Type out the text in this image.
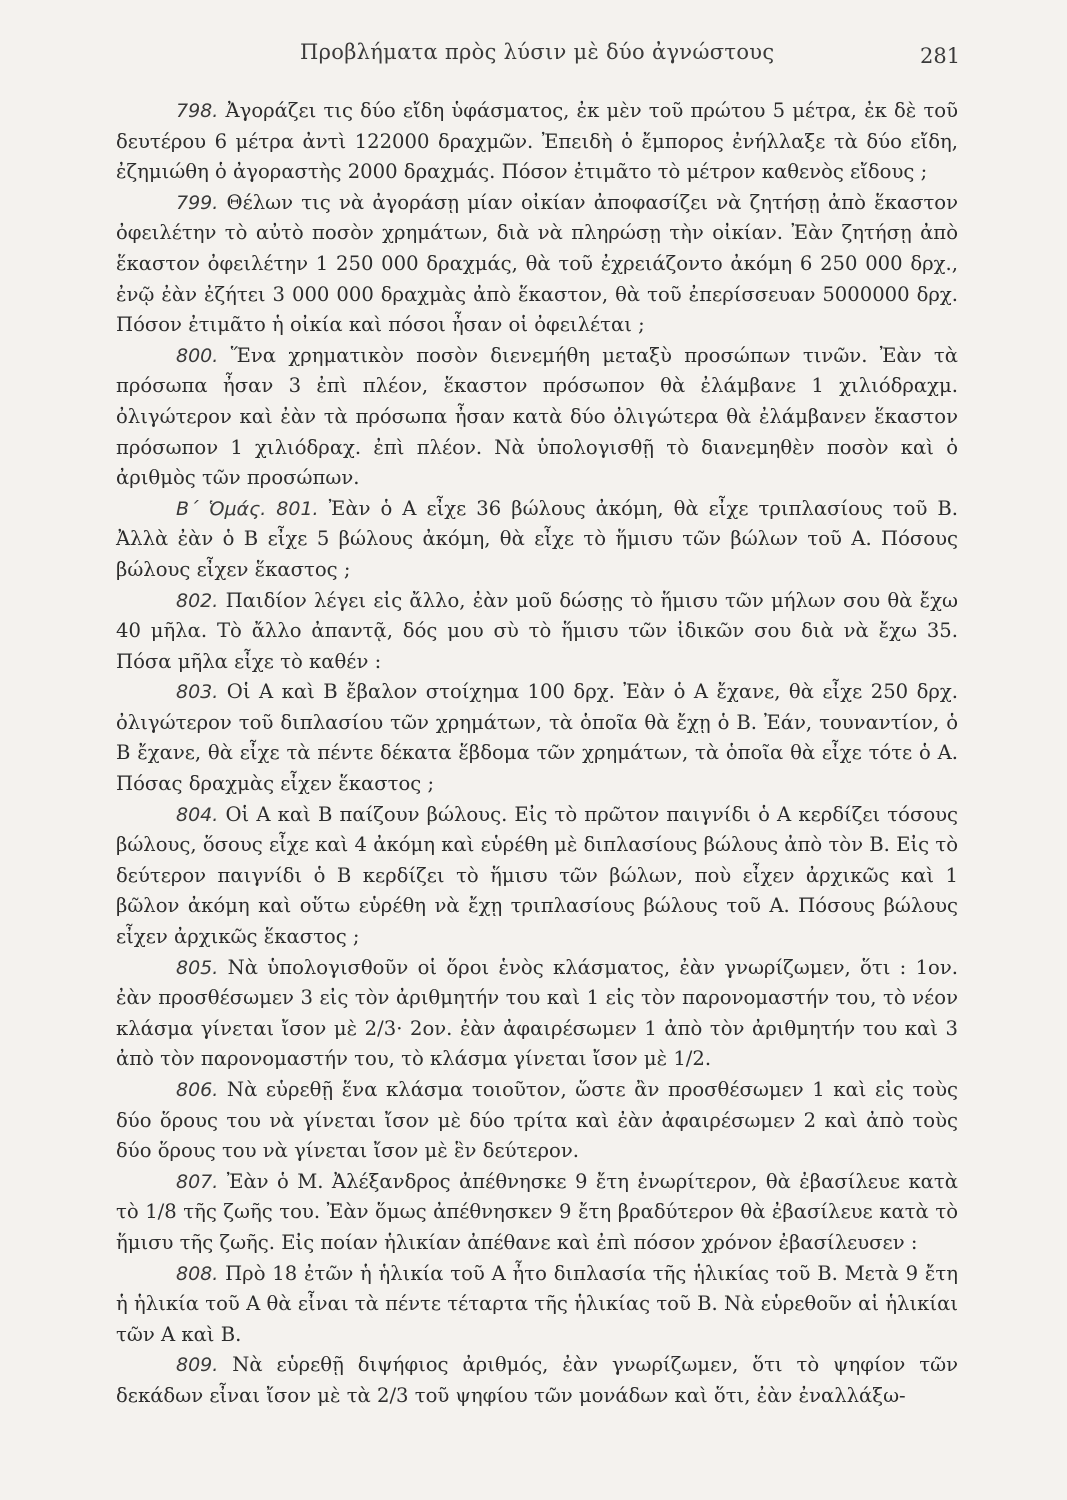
Προβλήματα πρὸς λύσιν μὲ δύο ἀγνώστους	281

798. Ἀγοράζει τις δύο εἴδη ὑφάσματος, ἐκ μὲν τοῦ πρώτου 5 μέτρα, ἐκ δὲ τοῦ δευτέρου 6 μέτρα ἀντὶ 122000 δραχμῶν. Ἐπειδὴ ὁ ἔμπορος ἐνήλλαξε τὰ δύο εἴδη, ἐζημιώθη ὁ ἀγοραστὴς 2000 δραχμάς. Πόσον ἐτιμᾶτο τὸ μέτρον καθενὸς εἴδους ;

799. Θέλων τις νὰ ἀγοράσῃ μίαν οἰκίαν ἀποφασίζει νὰ ζητήσῃ ἀπὸ ἕκαστον ὀφειλέτην τὸ αὐτὸ ποσὸν χρημάτων, διὰ νὰ πληρώσῃ τὴν οἰκίαν. Ἐὰν ζητήσῃ ἀπὸ ἕκαστον ὀφειλέτην 1 250 000 δραχμάς, θὰ τοῦ ἐχρειάζοντο ἀκόμη 6 250 000 δρχ., ἐνῷ ἐὰν ἐζήτει 3 000 000 δραχμὰς ἀπὸ ἕκαστον, θὰ τοῦ ἐπερίσσευαν 5000000 δρχ. Πόσον ἐτιμᾶτο ἡ οἰκία καὶ πόσοι ἦσαν οἱ ὀφειλέται ;

800. Ἕνα χρηματικὸν ποσὸν διενεμήθη μεταξὺ προσώπων τινῶν. Ἐὰν τὰ πρόσωπα ἦσαν 3 ἐπὶ πλέον, ἕκαστον πρόσωπον θὰ ἐλάμβανε 1 χιλιόδραχμ. ὀλιγώτερον καὶ ἐὰν τὰ πρόσωπα ἦσαν κατὰ δύο ὀλιγώτερα θὰ ἐλάμβανεν ἕκαστον πρόσωπον 1 χιλιόδραχ. ἐπὶ πλέον. Νὰ ὑπολογισθῇ τὸ διανεμηθὲν ποσὸν καὶ ὁ ἀριθμὸς τῶν προσώπων.

Β΄ Ὁμάς. 801. Ἐὰν ὁ Α εἶχε 36 βώλους ἀκόμη, θὰ εἶχε τριπλασίους τοῦ Β. Ἀλλὰ ἐὰν ὁ Β εἶχε 5 βώλους ἀκόμη, θὰ εἶχε τὸ ἥμισυ τῶν βώλων τοῦ Α. Πόσους βώλους εἶχεν ἕκαστος ;

802. Παιδίον λέγει εἰς ἄλλο, ἐὰν μοῦ δώσῃς τὸ ἥμισυ τῶν μήλων σου θὰ ἔχω 40 μῆλα. Τὸ ἄλλο ἀπαντᾷ, δός μου σὺ τὸ ἥμισυ τῶν ἰδικῶν σου διὰ νὰ ἔχω 35. Πόσα μῆλα εἶχε τὸ καθέν :

803. Οἱ Α καὶ Β ἔβαλον στοίχημα 100 δρχ. Ἐὰν ὁ Α ἔχανε, θὰ εἶχε 250 δρχ. ὀλιγώτερον τοῦ διπλασίου τῶν χρημάτων, τὰ ὁποῖα θὰ ἔχῃ ὁ Β. Ἐάν, τουναντίον, ὁ Β ἔχανε, θὰ εἶχε τὰ πέντε δέκατα ἕβδομα τῶν χρημάτων, τὰ ὁποῖα θὰ εἶχε τότε ὁ Α. Πόσας δραχμὰς εἶχεν ἕκαστος ;

804. Οἱ Α καὶ Β παίζουν βώλους. Εἰς τὸ πρῶτον παιγνίδι ὁ Α κερδίζει τόσους βώλους, ὅσους εἶχε καὶ 4 ἀκόμη καὶ εὑρέθη μὲ διπλασίους βώλους ἀπὸ τὸν Β. Εἰς τὸ δεύτερον παιγνίδι ὁ Β κερδίζει τὸ ἥμισυ τῶν βώλων, ποὺ εἶχεν ἀρχικῶς καὶ 1 βῶλον ἀκόμη καὶ οὕτω εὑρέθη νὰ ἔχῃ τριπλασίους βώλους τοῦ Α. Πόσους βώλους εἶχεν ἀρχικῶς ἕκαστος ;

805. Νὰ ὑπολογισθοῦν οἱ ὅροι ἑνὸς κλάσματος, ἐὰν γνωρίζωμεν, ὅτι : 1ον. ἐὰν προσθέσωμεν 3 εἰς τὸν ἀριθμητήν του καὶ 1 εἰς τὸν παρονομαστήν του, τὸ νέον κλάσμα γίνεται ἴσον μὲ 2/3· 2ον. ἐὰν ἀφαιρέσωμεν 1 ἀπὸ τὸν ἀριθμητήν του καὶ 3 ἀπὸ τὸν παρονομαστήν του, τὸ κλάσμα γίνεται ἴσον μὲ 1/2.

806. Νὰ εὑρεθῇ ἕνα κλάσμα τοιοῦτον, ὥστε ἂν προσθέσωμεν 1 καὶ εἰς τοὺς δύο ὅρους του νὰ γίνεται ἴσον μὲ δύο τρίτα καὶ ἐὰν ἀφαιρέσωμεν 2 καὶ ἀπὸ τοὺς δύο ὅρους του νὰ γίνεται ἴσον μὲ ἓν δεύτερον.

807. Ἐὰν ὁ Μ. Ἀλέξανδρος ἀπέθνησκε 9 ἔτη ἐνωρίτερον, θὰ ἐβασίλευε κατὰ τὸ 1/8 τῆς ζωῆς του. Ἐὰν ὅμως ἀπέθνησκεν 9 ἔτη βραδύτερον θὰ ἐβασίλευε κατὰ τὸ ἥμισυ τῆς ζωῆς. Εἰς ποίαν ἡλικίαν ἀπέθανε καὶ ἐπὶ πόσον χρόνον ἐβασίλευσεν :

808. Πρὸ 18 ἐτῶν ἡ ἡλικία τοῦ Α ἦτο διπλασία τῆς ἡλικίας τοῦ Β. Μετὰ 9 ἔτη ἡ ἡλικία τοῦ Α θὰ εἶναι τὰ πέντε τέταρτα τῆς ἡλικίας τοῦ Β. Νὰ εὑρεθοῦν αἱ ἡλικίαι τῶν Α καὶ Β.

809. Νὰ εὑρεθῇ διψήφιος ἀριθμός, ἐὰν γνωρίζωμεν, ὅτι τὸ ψηφίον τῶν δεκάδων εἶναι ἴσον μὲ τὰ 2/3 τοῦ ψηφίου τῶν μονάδων καὶ ὅτι, ἐὰν ἐναλλάξω-
